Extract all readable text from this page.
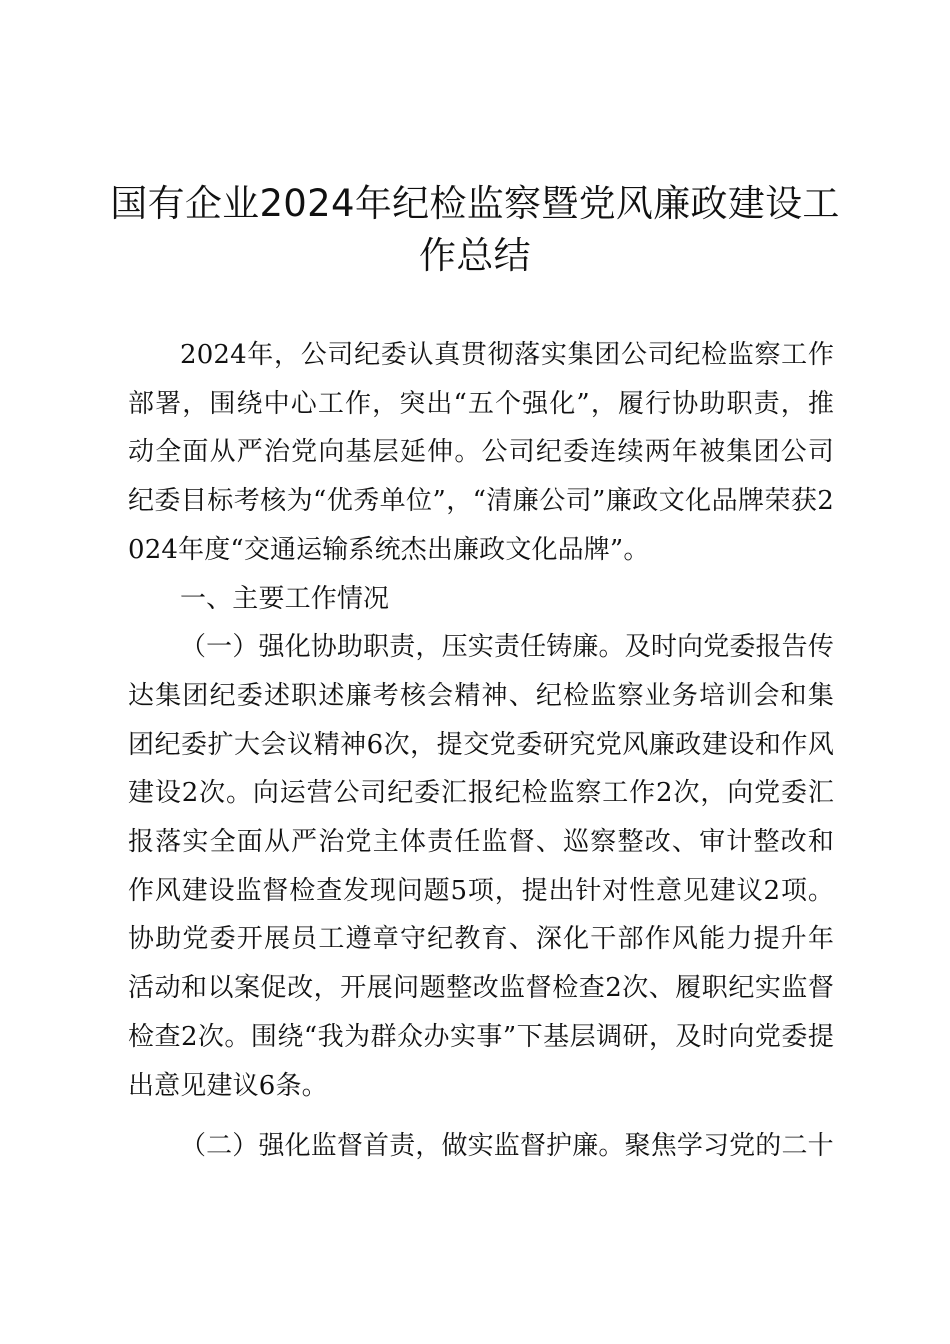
国有企业2024年纪检监察暨党风廉政建设工作总结

2024年，公司纪委认真贯彻落实集团公司纪检监察工作部署，围绕中心工作，突出“五个强化”，履行协助职责，推动全面从严治党向基层延伸。公司纪委连续两年被集团公司纪委目标考核为“优秀单位”，“清廉公司”廉政文化品牌荣获2024年度“交通运输系统杰出廉政文化品牌”。

一、主要工作情况

（一）强化协助职责，压实责任铸廉。及时向党委报告传达集团纪委述职述廉考核会精神、纪检监察业务培训会和集团纪委扩大会议精神6次，提交党委研究党风廉政建设和作风建设2次。向运营公司纪委汇报纪检监察工作2次，向党委汇报落实全面从严治党主体责任监督、巡察整改、审计整改和作风建设监督检查发现问题5项，提出针对性意见建议2项。协助党委开展员工遵章守纪教育、深化干部作风能力提升年活动和以案促改，开展问题整改监督检查2次、履职纪实监督检查2次。围绕“我为群众办实事”下基层调研，及时向党委提出意见建议6条。

（二）强化监督首责，做实监督护廉。聚焦学习党的二十
